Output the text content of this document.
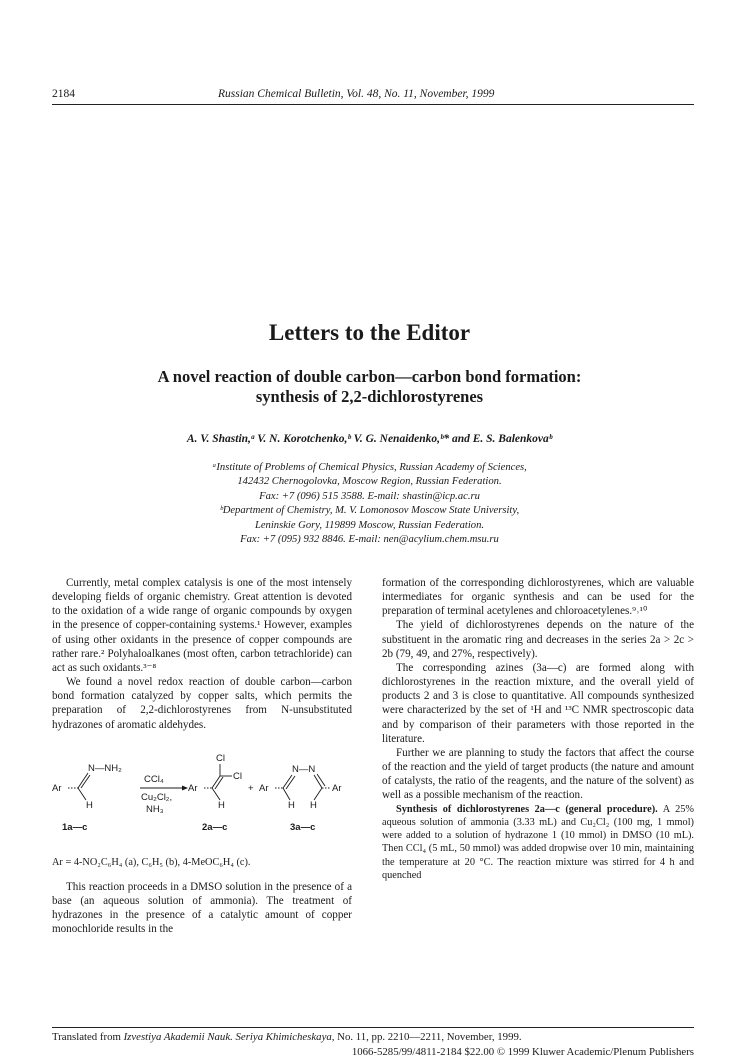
2184	Russian Chemical Bulletin, Vol. 48, No. 11, November, 1999
Letters to the Editor
A novel reaction of double carbon—carbon bond formation:
synthesis of 2,2-dichlorostyrenes
A. V. Shastin,ᵃ V. N. Korotchenko,ᵇ V. G. Nenaidenko,ᵇ* and E. S. Balenkovaᵇ
ᵃInstitute of Problems of Chemical Physics, Russian Academy of Sciences,
142432 Chernogolovka, Moscow Region, Russian Federation.
Fax: +7 (096) 515 3588. E-mail: shastin@icp.ac.ru
ᵇDepartment of Chemistry, M. V. Lomonosov Moscow State University,
Leninskie Gory, 119899 Moscow, Russian Federation.
Fax: +7 (095) 932 8846. E-mail: nen@acylium.chem.msu.ru

Currently, metal complex catalysis is one of the most intensely developing fields of organic chemistry. Great attention is devoted to the oxidation of a wide range of organic compounds by oxygen in the presence of copper-containing systems.¹ However, examples of using other oxidants in the presence of copper compounds are rather rare.² Polyhaloalkanes (most often, carbon tetrachloride) can act as such oxidants.³⁻⁸

We found a novel redox reaction of double carbon—carbon bond formation catalyzed by copper salts, which permits the preparation of 2,2-dichlorostyrenes from N-unsubstituted hydrazones of aromatic aldehydes.

Ar
N—NH₂
H
CCl₄
Cu₂Cl₂,
NH₃
Ar
Cl
Cl
H
+ Ar
N—N
Ar
H H
1a—c	2a—c	3a—c
Ar = 4-NO₂C₆H₄ (a), C₆H₅ (b), 4-MeOC₆H₄ (c).

This reaction proceeds in a DMSO solution in the presence of a base (an aqueous solution of ammonia). The treatment of hydrazones in the presence of a catalytic amount of copper monochloride results in the

formation of the corresponding dichlorostyrenes, which are valuable intermediates for organic synthesis and can be used for the preparation of terminal acetylenes and chloroacetylenes.⁹˒¹⁰

The yield of dichlorostyrenes depends on the nature of the substituent in the aromatic ring and decreases in the series 2a > 2c > 2b (79, 49, and 27%, respectively).

The corresponding azines (3a—c) are formed along with dichlorostyrenes in the reaction mixture, and the overall yield of products 2 and 3 is close to quantitative. All compounds synthesized were characterized by the set of ¹H and ¹³C NMR spectroscopic data and by comparison of their parameters with those reported in the literature.

Further we are planning to study the factors that affect the course of the reaction and the yield of target products (the nature and amount of catalysts, the ratio of the reagents, and the nature of the solvent) as well as a possible mechanism of the reaction.

Synthesis of dichlorostyrenes 2a—c (general procedure). A 25% aqueous solution of ammonia (3.33 mL) and Cu₂Cl₂ (100 mg, 1 mmol) were added to a solution of hydrazone 1 (10 mmol) in DMSO (10 mL). Then CCl₄ (5 mL, 50 mmol) was added dropwise over 10 min, maintaining the temperature at 20 °C. The reaction mixture was stirred for 4 h and quenched

Translated from Izvestiya Akademii Nauk. Seriya Khimicheskaya, No. 11, pp. 2210—2211, November, 1999.
1066-5285/99/4811-2184 $22.00 © 1999 Kluwer Academic/Plenum Publishers
